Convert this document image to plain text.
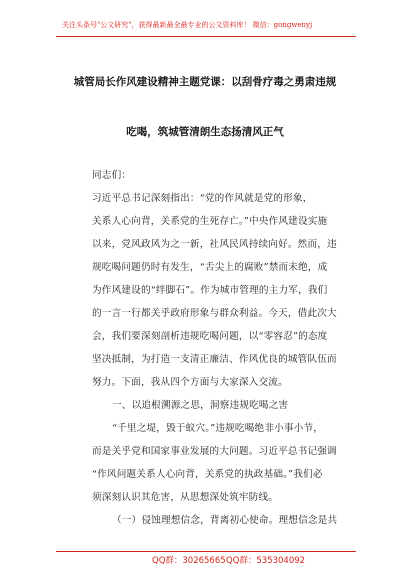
关注头条号"公文研究"，获得最新最全最专业的公文资料库！ 微信：gongwenyj
城管局长作风建设精神主题党课：以刮骨疗毒之勇肃违规
吃喝，筑城管清朗生态扬清风正气
同志们：
习近平总书记深刻指出：“党的作风就是党的形象，
关系人心向背，关系党的生死存亡。”中央作风建设实施
以来，党风政风为之一新，社风民风持续向好。然而，违
规吃喝问题仍时有发生，“舌尖上的腐败”禁而未绝，成
为作风建设的“绊脚石”。作为城市管理的主力军，我们
的一言一行都关乎政府形象与群众利益。今天，借此次大
会，我们要深刻剖析违规吃喝问题，以“零容忍”的态度
坚决抵制，为打造一支清正廉洁、作风优良的城管队伍而
努力。下面，我从四个方面与大家深入交流。
一、以追根溯源之思，洞察违规吃喝之害
“千里之堤，毁于蚁穴。”违规吃喝绝非小事小节，
而是关乎党和国家事业发展的大问题。习近平总书记强调
“作风问题关系人心向背，关系党的执政基础。”我们必
须深刻认识其危害，从思想深处筑牢防线。
（一）侵蚀理想信念，背离初心使命。理想信念是共
QQ群：30265665 QQ群：535304092
